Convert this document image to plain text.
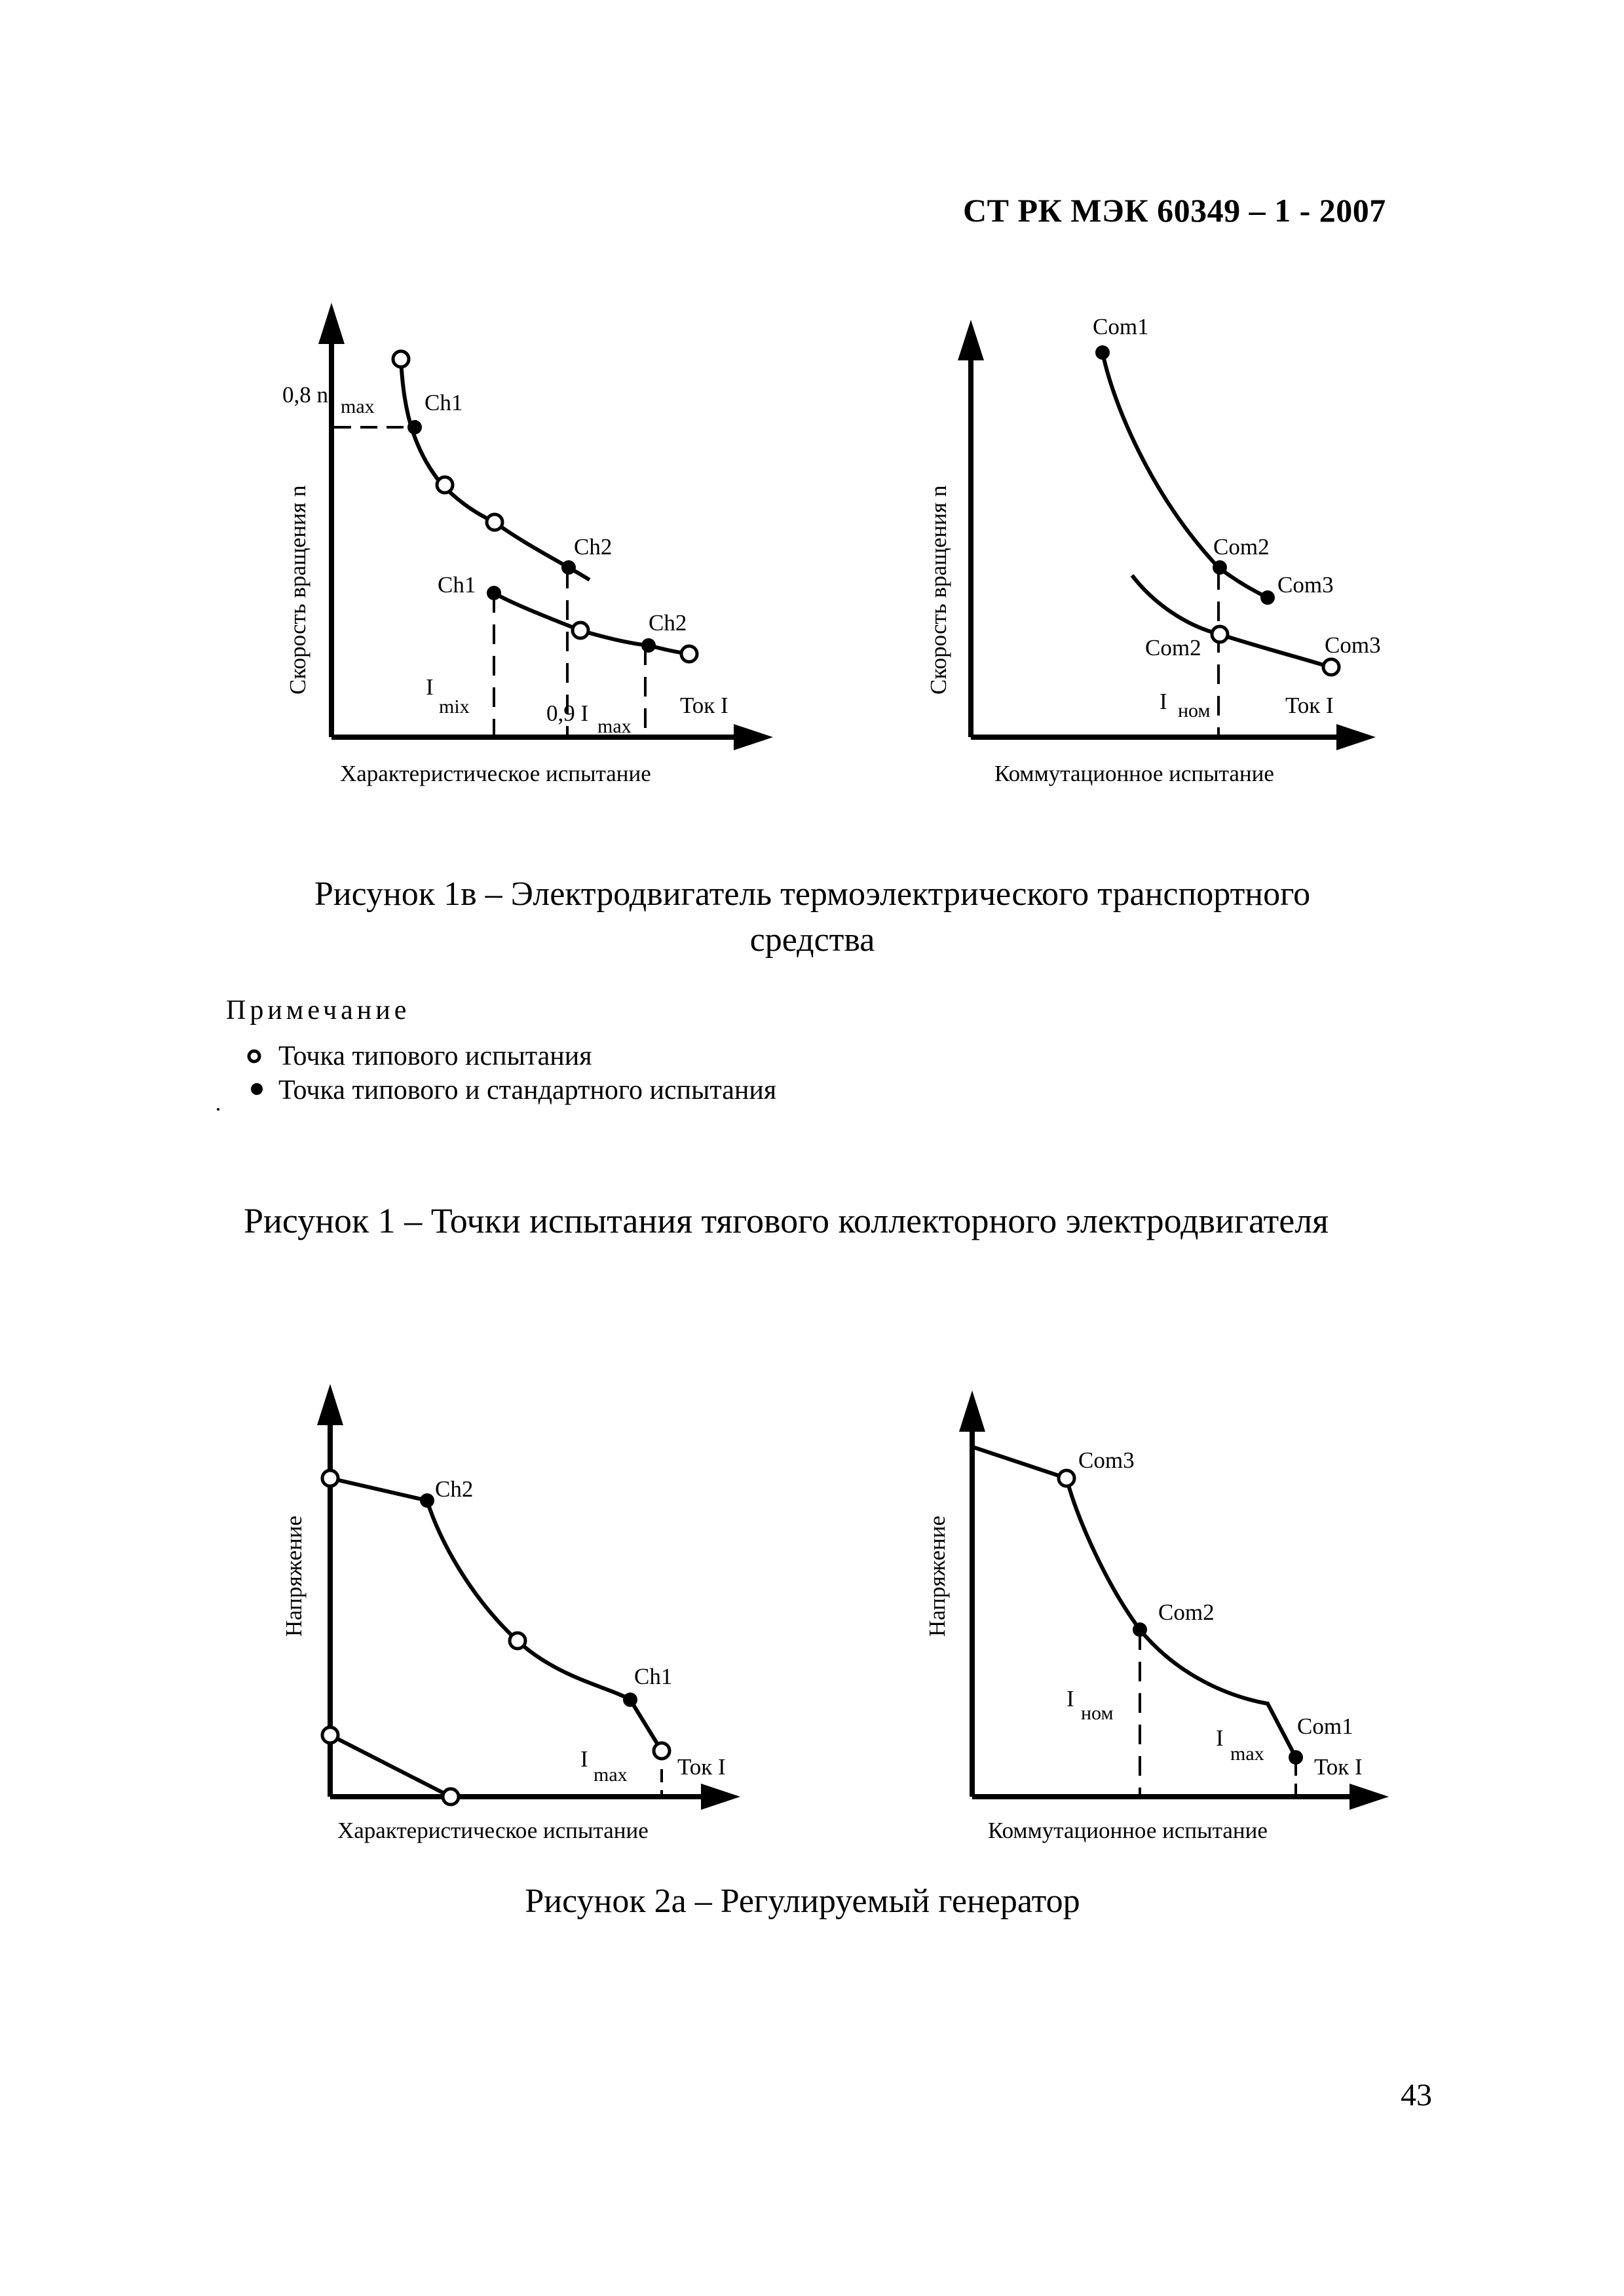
СТ РК МЭК 60349 – 1 - 2007
0,8 n max Ch1
Ch2
Ch1
Ch2
I
mix	0,9 I
max
Ток I
Скорость вращения n
Характеристическое испытание
Com1
Com2
Com3
Com2	Com3
I ном	Ток I
Скорость вращения n
Коммутационное испытание
Ch2
Ch1
I
max Ток I
Напряжение
Характеристическое испытание
Com3
Com2
I
ном
I
max
Com1
Ток I
Напряжение
Коммутационное испытание
Рисунок 1в – Электродвигатель термоэлектрического транспортного
средства
Примечание
Точка типового испытания
Точка типового и стандартного испытания
Рисунок 1 – Точки испытания тягового коллекторного электродвигателя
Рисунок 2а – Регулируемый генератор
43
